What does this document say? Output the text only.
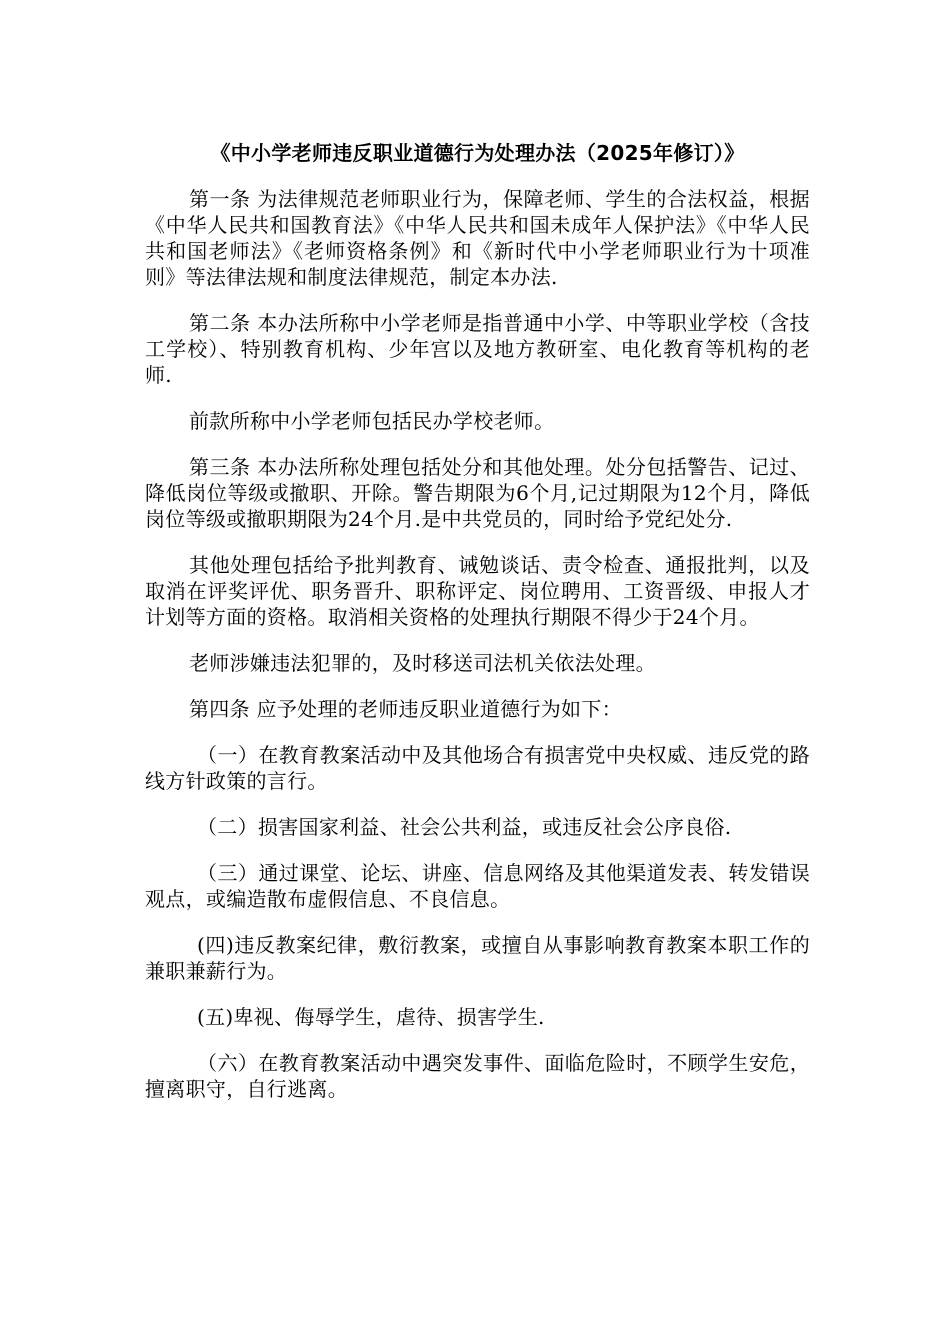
《中小学老师违反职业道德行为处理办法（2025年修订）》

第一条 为法律规范老师职业行为，保障老师、学生的合法权益，根据《中华人民共和国教育法》《中华人民共和国未成年人保护法》《中华人民共和国老师法》《老师资格条例》和《新时代中小学老师职业行为十项准则》等法律法规和制度法律规范，制定本办法.

第二条 本办法所称中小学老师是指普通中小学、中等职业学校（含技工学校）、特别教育机构、少年宫以及地方教研室、电化教育等机构的老师.

前款所称中小学老师包括民办学校老师。

第三条 本办法所称处理包括处分和其他处理。处分包括警告、记过、降低岗位等级或撤职、开除。警告期限为6个月,记过期限为12个月，降低岗位等级或撤职期限为24个月.是中共党员的，同时给予党纪处分.

其他处理包括给予批判教育、诫勉谈话、责令检查、通报批判，以及取消在评奖评优、职务晋升、职称评定、岗位聘用、工资晋级、申报人才计划等方面的资格。取消相关资格的处理执行期限不得少于24个月。

老师涉嫌违法犯罪的，及时移送司法机关依法处理。

第四条 应予处理的老师违反职业道德行为如下：

（一）在教育教案活动中及其他场合有损害党中央权威、违反党的路线方针政策的言行。

（二）损害国家利益、社会公共利益，或违反社会公序良俗.

（三）通过课堂、论坛、讲座、信息网络及其他渠道发表、转发错误观点，或编造散布虚假信息、不良信息。

(四)违反教案纪律，敷衍教案，或擅自从事影响教育教案本职工作的兼职兼薪行为。

(五)卑视、侮辱学生，虐待、损害学生.

（六）在教育教案活动中遇突发事件、面临危险时，不顾学生安危，擅离职守，自行逃离。
